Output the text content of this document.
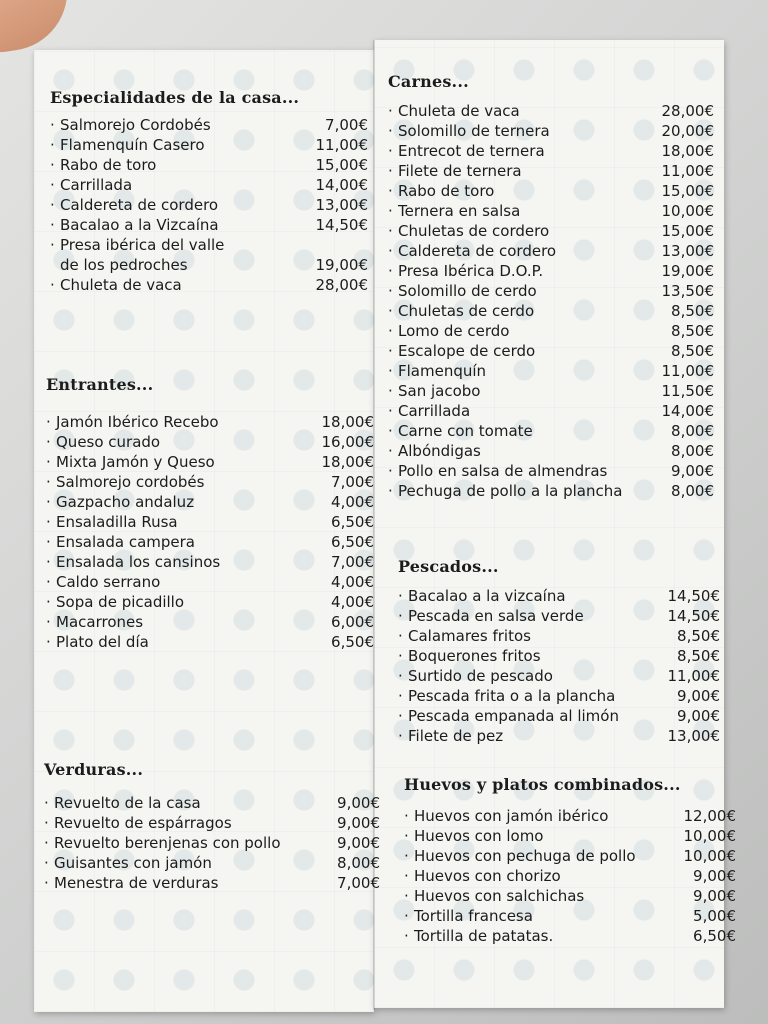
Especialidades de la casa...
· Salmorejo Cordobés	7,00€
· Flamenquín Casero	11,00€
· Rabo de toro	15,00€
· Carrillada	14,00€
· Caldereta de cordero	13,00€
· Bacalao a la Vizcaína	14,50€
· Presa ibérica del valle
de los pedroches	19,00€
· Chuleta de vaca	28,00€
Entrantes...
· Jamón Ibérico Recebo	18,00€
· Queso curado	16,00€
· Mixta Jamón y Queso	18,00€
· Salmorejo cordobés	7,00€
· Gazpacho andaluz	4,00€
· Ensaladilla Rusa	6,50€
· Ensalada campera	6,50€
· Ensalada los cansinos	7,00€
· Caldo serrano	4,00€
· Sopa de picadillo	4,00€
· Macarrones	6,00€
· Plato del día	6,50€
Verduras...
· Revuelto de la casa	9,00€
· Revuelto de espárragos	9,00€
· Revuelto berenjenas con pollo	9,00€
· Guisantes con jamón	8,00€
· Menestra de verduras	7,00€
Carnes...
· Chuleta de vaca	28,00€
· Solomillo de ternera	20,00€
· Entrecot de ternera	18,00€
· Filete de ternera	11,00€
· Rabo de toro	15,00€
· Ternera en salsa	10,00€
· Chuletas de cordero	15,00€
· Caldereta de cordero	13,00€
· Presa Ibérica D.O.P.	19,00€
· Solomillo de cerdo	13,50€
· Chuletas de cerdo	8,50€
· Lomo de cerdo	8,50€
· Escalope de cerdo	8,50€
· Flamenquín	11,00€
· San jacobo	11,50€
· Carrillada	14,00€
· Carne con tomate	8,00€
· Albóndigas	8,00€
· Pollo en salsa de almendras	9,00€
· Pechuga de pollo a la plancha	8,00€
Pescados...
· Bacalao a la vizcaína	14,50€
· Pescada en salsa verde	14,50€
· Calamares fritos	8,50€
· Boquerones fritos	8,50€
· Surtido de pescado	11,00€
· Pescada frita o a la plancha	9,00€
· Pescada empanada al limón	9,00€
· Filete de pez	13,00€
Huevos y platos combinados...
· Huevos con jamón ibérico	12,00€
· Huevos con lomo	10,00€
· Huevos con pechuga de pollo	10,00€
· Huevos con chorizo	9,00€
· Huevos con salchichas	9,00€
· Tortilla francesa	5,00€
· Tortilla de patatas.	6,50€
